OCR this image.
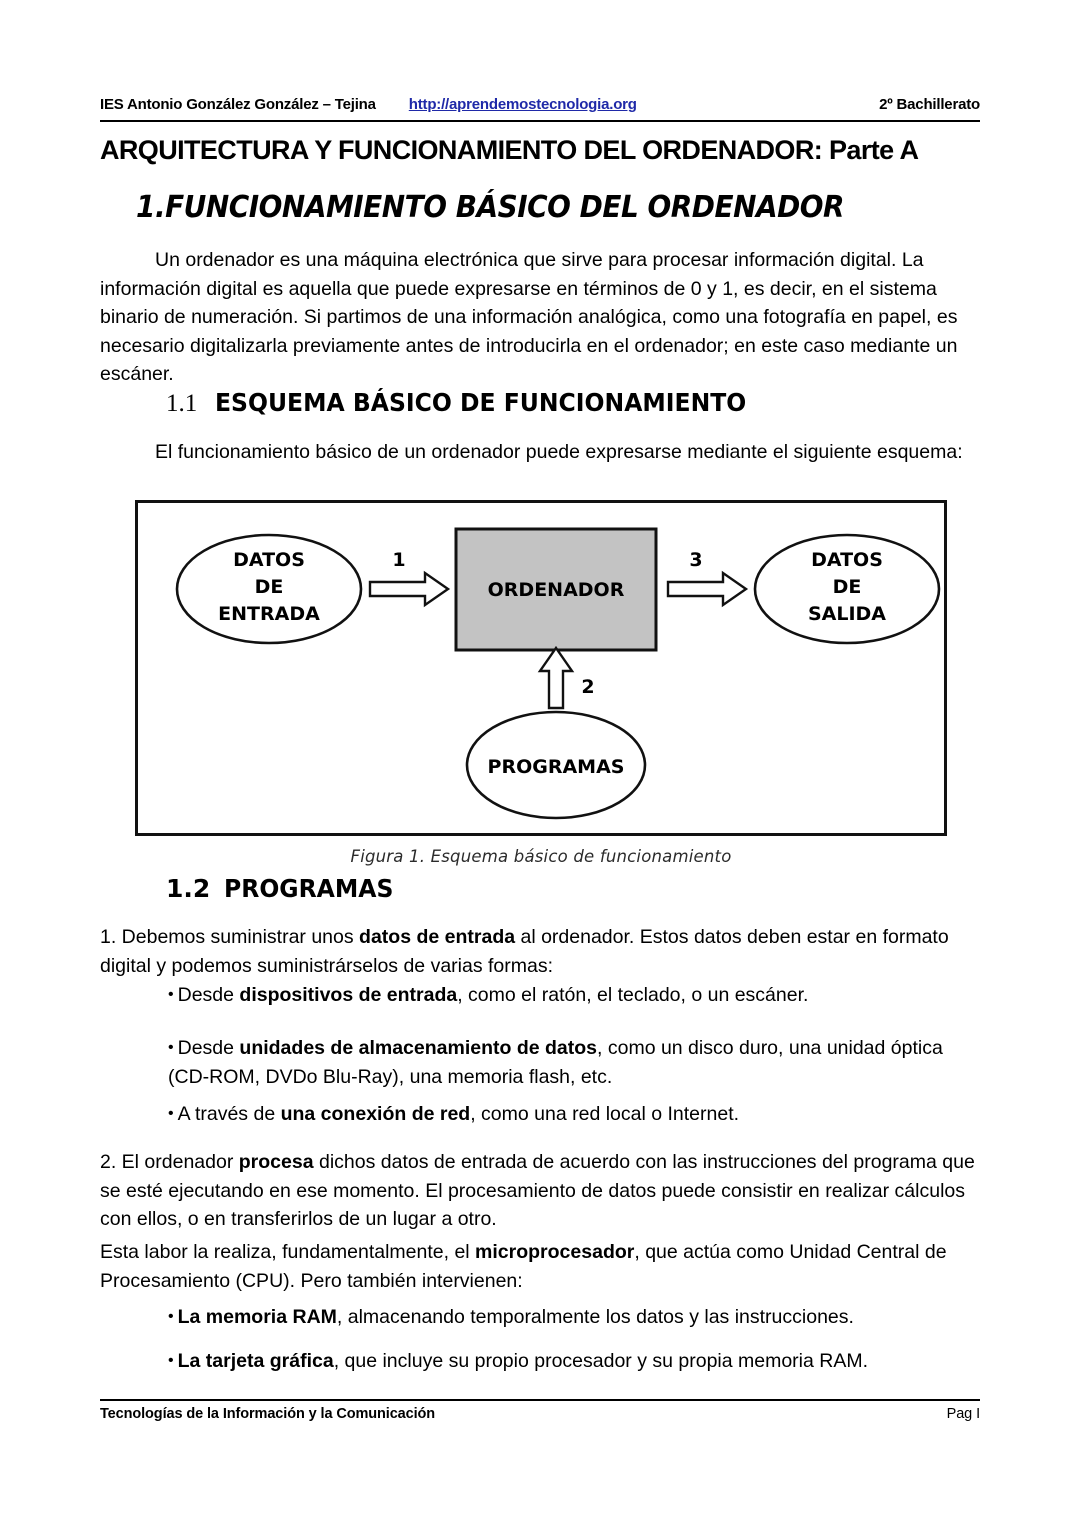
IES Antonio González González – Tejina	http://aprendemostecnologia.org	2º Bachillerato
ARQUITECTURA Y FUNCIONAMIENTO DEL ORDENADOR: Parte A
1.FUNCIONAMIENTO BÁSICO DEL ORDENADOR
Un ordenador es una máquina electrónica que sirve para procesar información digital. La información digital es aquella que puede expresarse en términos de 0 y 1, es decir, en el sistema binario de numeración. Si partimos de una información analógica, como una fotografía en papel, es necesario digitalizarla previamente antes de introducirla en el ordenador; en este caso mediante un escáner.
1.1 ESQUEMA BÁSICO DE FUNCIONAMIENTO
El funcionamiento básico de un ordenador puede expresarse mediante el siguiente esquema:
DATOS
DE
ENTRADA
1
ORDENADOR
3	DATOS
DE
SALIDA
2
PROGRAMAS
Figura 1. Esquema básico de funcionamiento
1.2 PROGRAMAS
1. Debemos suministrar unos datos de entrada al ordenador. Estos datos deben estar en formato digital y podemos suministrárselos de varias formas:
• Desde dispositivos de entrada, como el ratón, el teclado, o un escáner.
• Desde unidades de almacenamiento de datos, como un disco duro, una unidad óptica (CD-ROM, DVDo Blu-Ray), una memoria flash, etc.
• A través de una conexión de red, como una red local o Internet.
2. El ordenador procesa dichos datos de entrada de acuerdo con las instrucciones del programa que se esté ejecutando en ese momento. El procesamiento de datos puede consistir en realizar cálculos con ellos, o en transferirlos de un lugar a otro.
Esta labor la realiza, fundamentalmente, el microprocesador, que actúa como Unidad Central de Procesamiento (CPU). Pero también intervienen:
• La memoria RAM, almacenando temporalmente los datos y las instrucciones.
• La tarjeta gráfica, que incluye su propio procesador y su propia memoria RAM.
Tecnologías de la Información y la Comunicación	Pag I
